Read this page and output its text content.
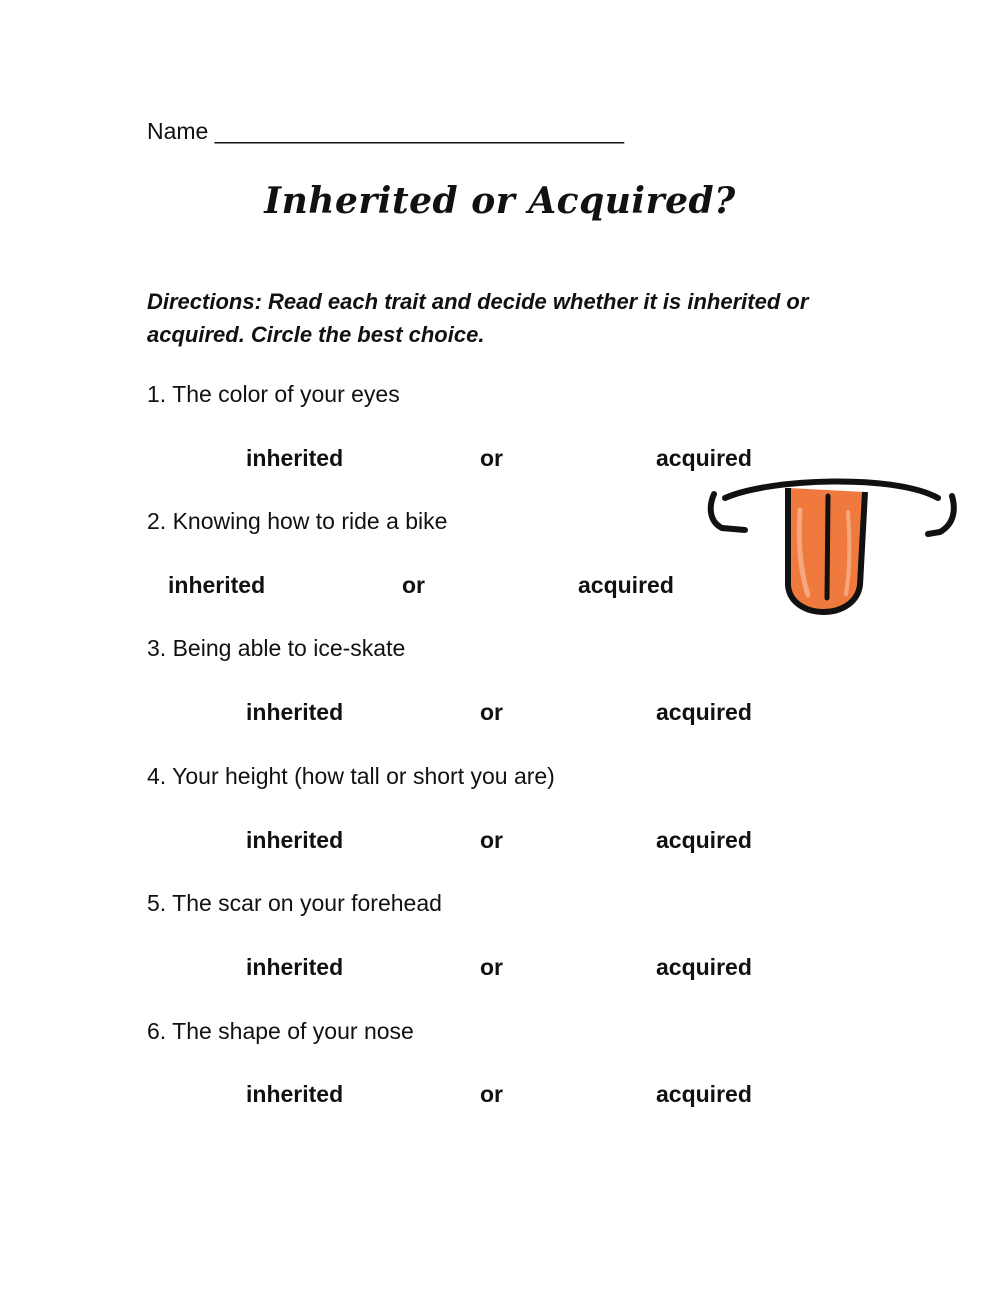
Name ________________________________
Inherited or Acquired?
Directions: Read each trait and decide whether it is inherited or acquired. Circle the best choice.
1. The color of your eyes
inherited	or	acquired
2. Knowing how to ride a bike
inherited	or	acquired
3. Being able to ice-skate
inherited	or	acquired
4. Your height (how tall or short you are)
inherited	or	acquired
5. The scar on your forehead
inherited	or	acquired
6. The shape of your nose
inherited	or	acquired
